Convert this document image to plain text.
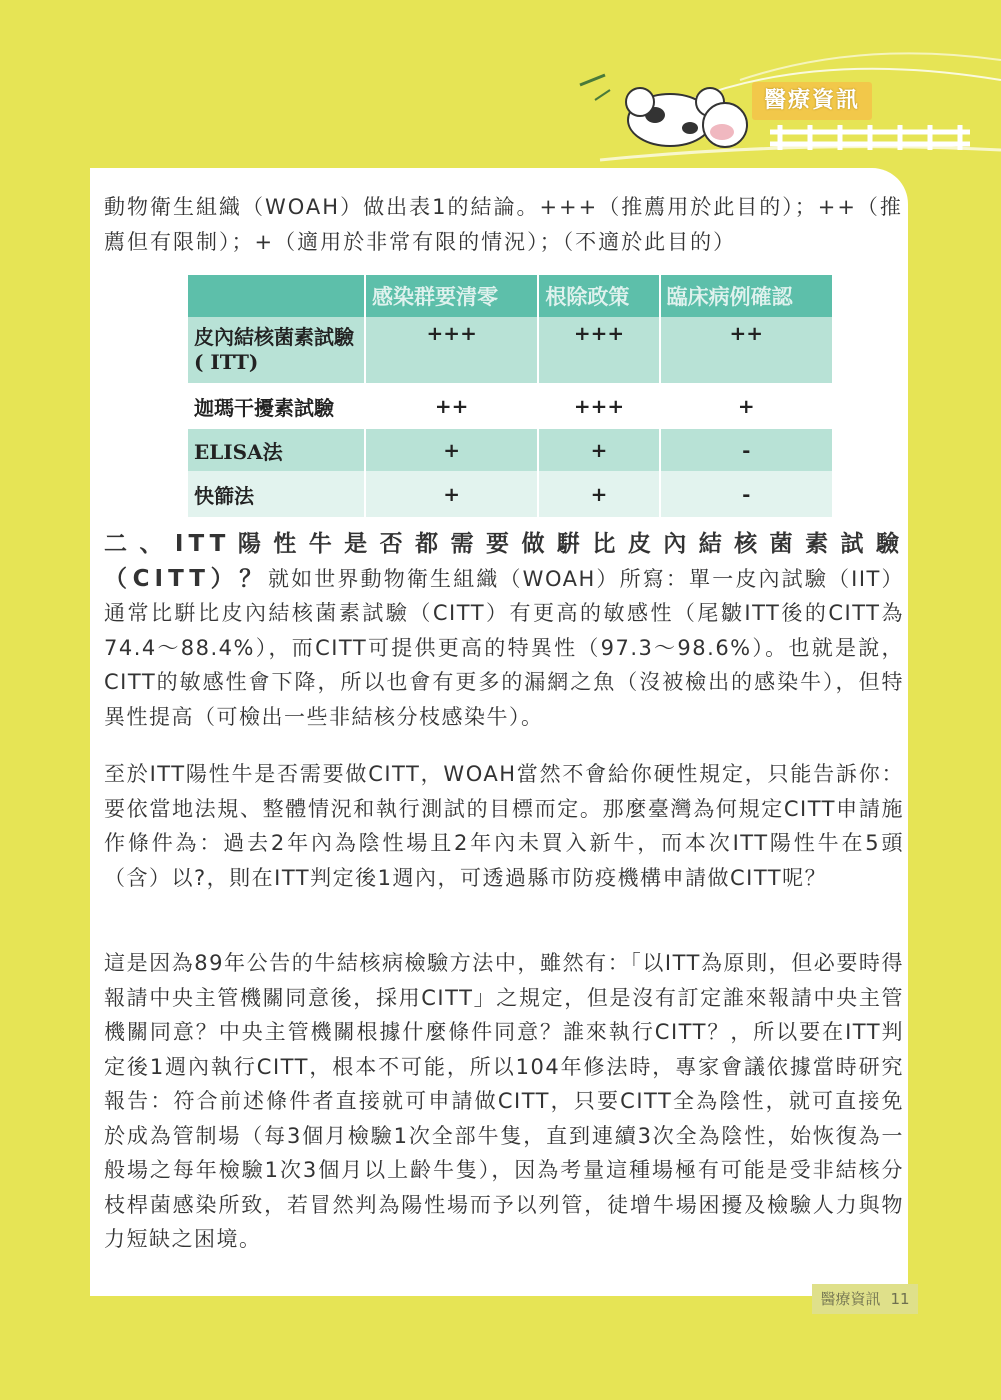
醫療資訊
動物衛生組織（WOAH）做出表1的結論。+++（推薦用於此目的）；++（推薦但有限制）；+（適用於非常有限的情況）；（不適於此目的）
	感染群要清零	根除政策	臨床病例確認
皮內結核菌素試驗 ( ITT)	+++	+++	++
迦瑪干擾素試驗	++	+++	+
ELISA法	+	+	-
快篩法	+	+	-
二、ITT陽性牛是否都需要做騈比皮內結核菌素試驗（CITT）？就如世界動物衛生組織（WOAH）所寫：單一皮內試驗（IIT）通常比騈比皮內結核菌素試驗（CITT）有更高的敏感性（尾皺ITT後的CITT為74.4～88.4%），而CITT可提供更高的特異性（97.3～98.6%）。也就是說，CITT的敏感性會下降，所以也會有更多的漏網之魚（沒被檢出的感染牛），但特異性提高（可檢出一些非結核分枝感染牛）。
至於ITT陽性牛是否需要做CITT，WOAH當然不會給你硬性規定，只能告訴你：要依當地法規、整體情況和執行測試的目標而定。那麼臺灣為何規定CITT申請施作條件為：過去2年內為陰性場且2年內未買入新牛，而本次ITT陽性牛在5頭（含）以?，則在ITT判定後1週內，可透過縣市防疫機構申請做CITT呢？
這是因為89年公告的牛結核病檢驗方法中，雖然有：「以ITT為原則，但必要時得報請中央主管機關同意後，採用CITT」之規定，但是沒有訂定誰來報請中央主管機關同意？中央主管機關根據什麼條件同意？誰來執行CITT？，所以要在ITT判定後1週內執行CITT，根本不可能，所以104年修法時，專家會議依據當時研究報告：符合前述條件者直接就可申請做CITT，只要CITT全為陰性，就可直接免於成為管制場（每3個月檢驗1次全部牛隻，直到連續3次全為陰性，始恢復為一般場之每年檢驗1次3個月以上齡牛隻），因為考量這種場極有可能是受非結核分枝桿菌感染所致，若冒然判為陽性場而予以列管，徒增牛場困擾及檢驗人力與物力短缺之困境。
醫療資訊 11
